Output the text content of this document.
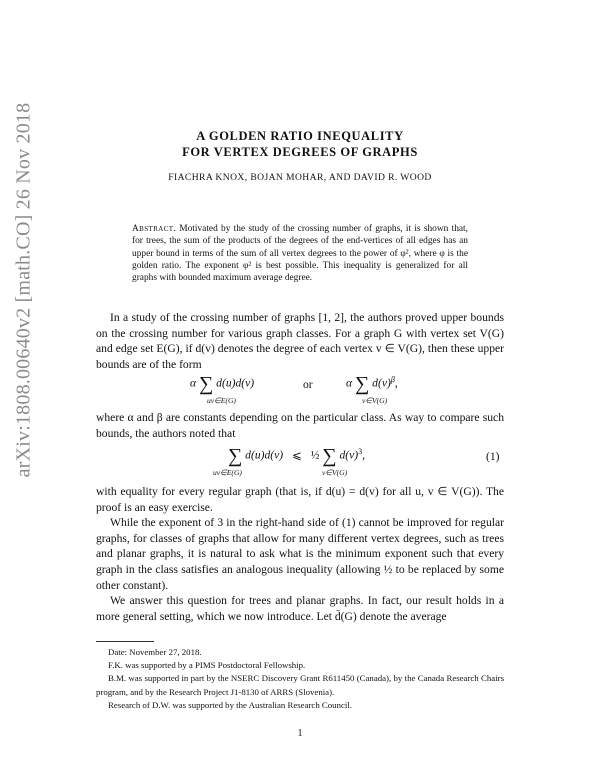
arXiv:1808.00640v2 [math.CO] 26 Nov 2018	A GOLDEN RATIO INEQUALITY
FOR VERTEX DEGREES OF GRAPHS
FIACHRA KNOX, BOJAN MOHAR, AND DAVID R. WOOD
Abstract. Motivated by the study of the crossing number of graphs, it is shown that, for trees, the sum of the products of the degrees of the end-vertices of all edges has an upper bound in terms of the sum of all vertex degrees to the power of φ², where φ is the golden ratio. The exponent φ² is best possible. This inequality is generalized for all graphs with bounded maximum average degree.

In a study of the crossing number of graphs [1, 2], the authors proved upper bounds on the crossing number for various graph classes. For a graph G with vertex set V(G) and edge set E(G), if d(v) denotes the degree of each vertex v ∈ V(G), then these upper bounds are of the form

α ∑ d(u)d(v)
uv∈E(G)
or	α ∑ $d(v)^\beta$,
v∈V(G)

where α and β are constants depending on the particular class. As way to compare such bounds, the authors noted that

∑ d(u)d(v) ⩽ ½ ∑ $d(v)^3$,
uv∈E(G)	v∈V(G)
(1)

with equality for every regular graph (that is, if d(u) = d(v) for all u, v ∈ V(G)). The proof is an easy exercise.

While the exponent of 3 in the right-hand side of (1) cannot be improved for regular graphs, for classes of graphs that allow for many different vertex degrees, such as trees and planar graphs, it is natural to ask what is the minimum exponent such that every graph in the class satisfies an analogous inequality (allowing ½ to be replaced by some other constant).

We answer this question for trees and planar graphs. In fact, our result holds in a more general setting, which we now introduce. Let d̄(G) denote the average

Date: November 27, 2018.

F.K. was supported by a PIMS Postdoctoral Fellowship.

B.M. was supported in part by the NSERC Discovery Grant R611450 (Canada), by the Canada Research Chairs program, and by the Research Project J1-8130 of ARRS (Slovenia).

Research of D.W. was supported by the Australian Research Council.

1
